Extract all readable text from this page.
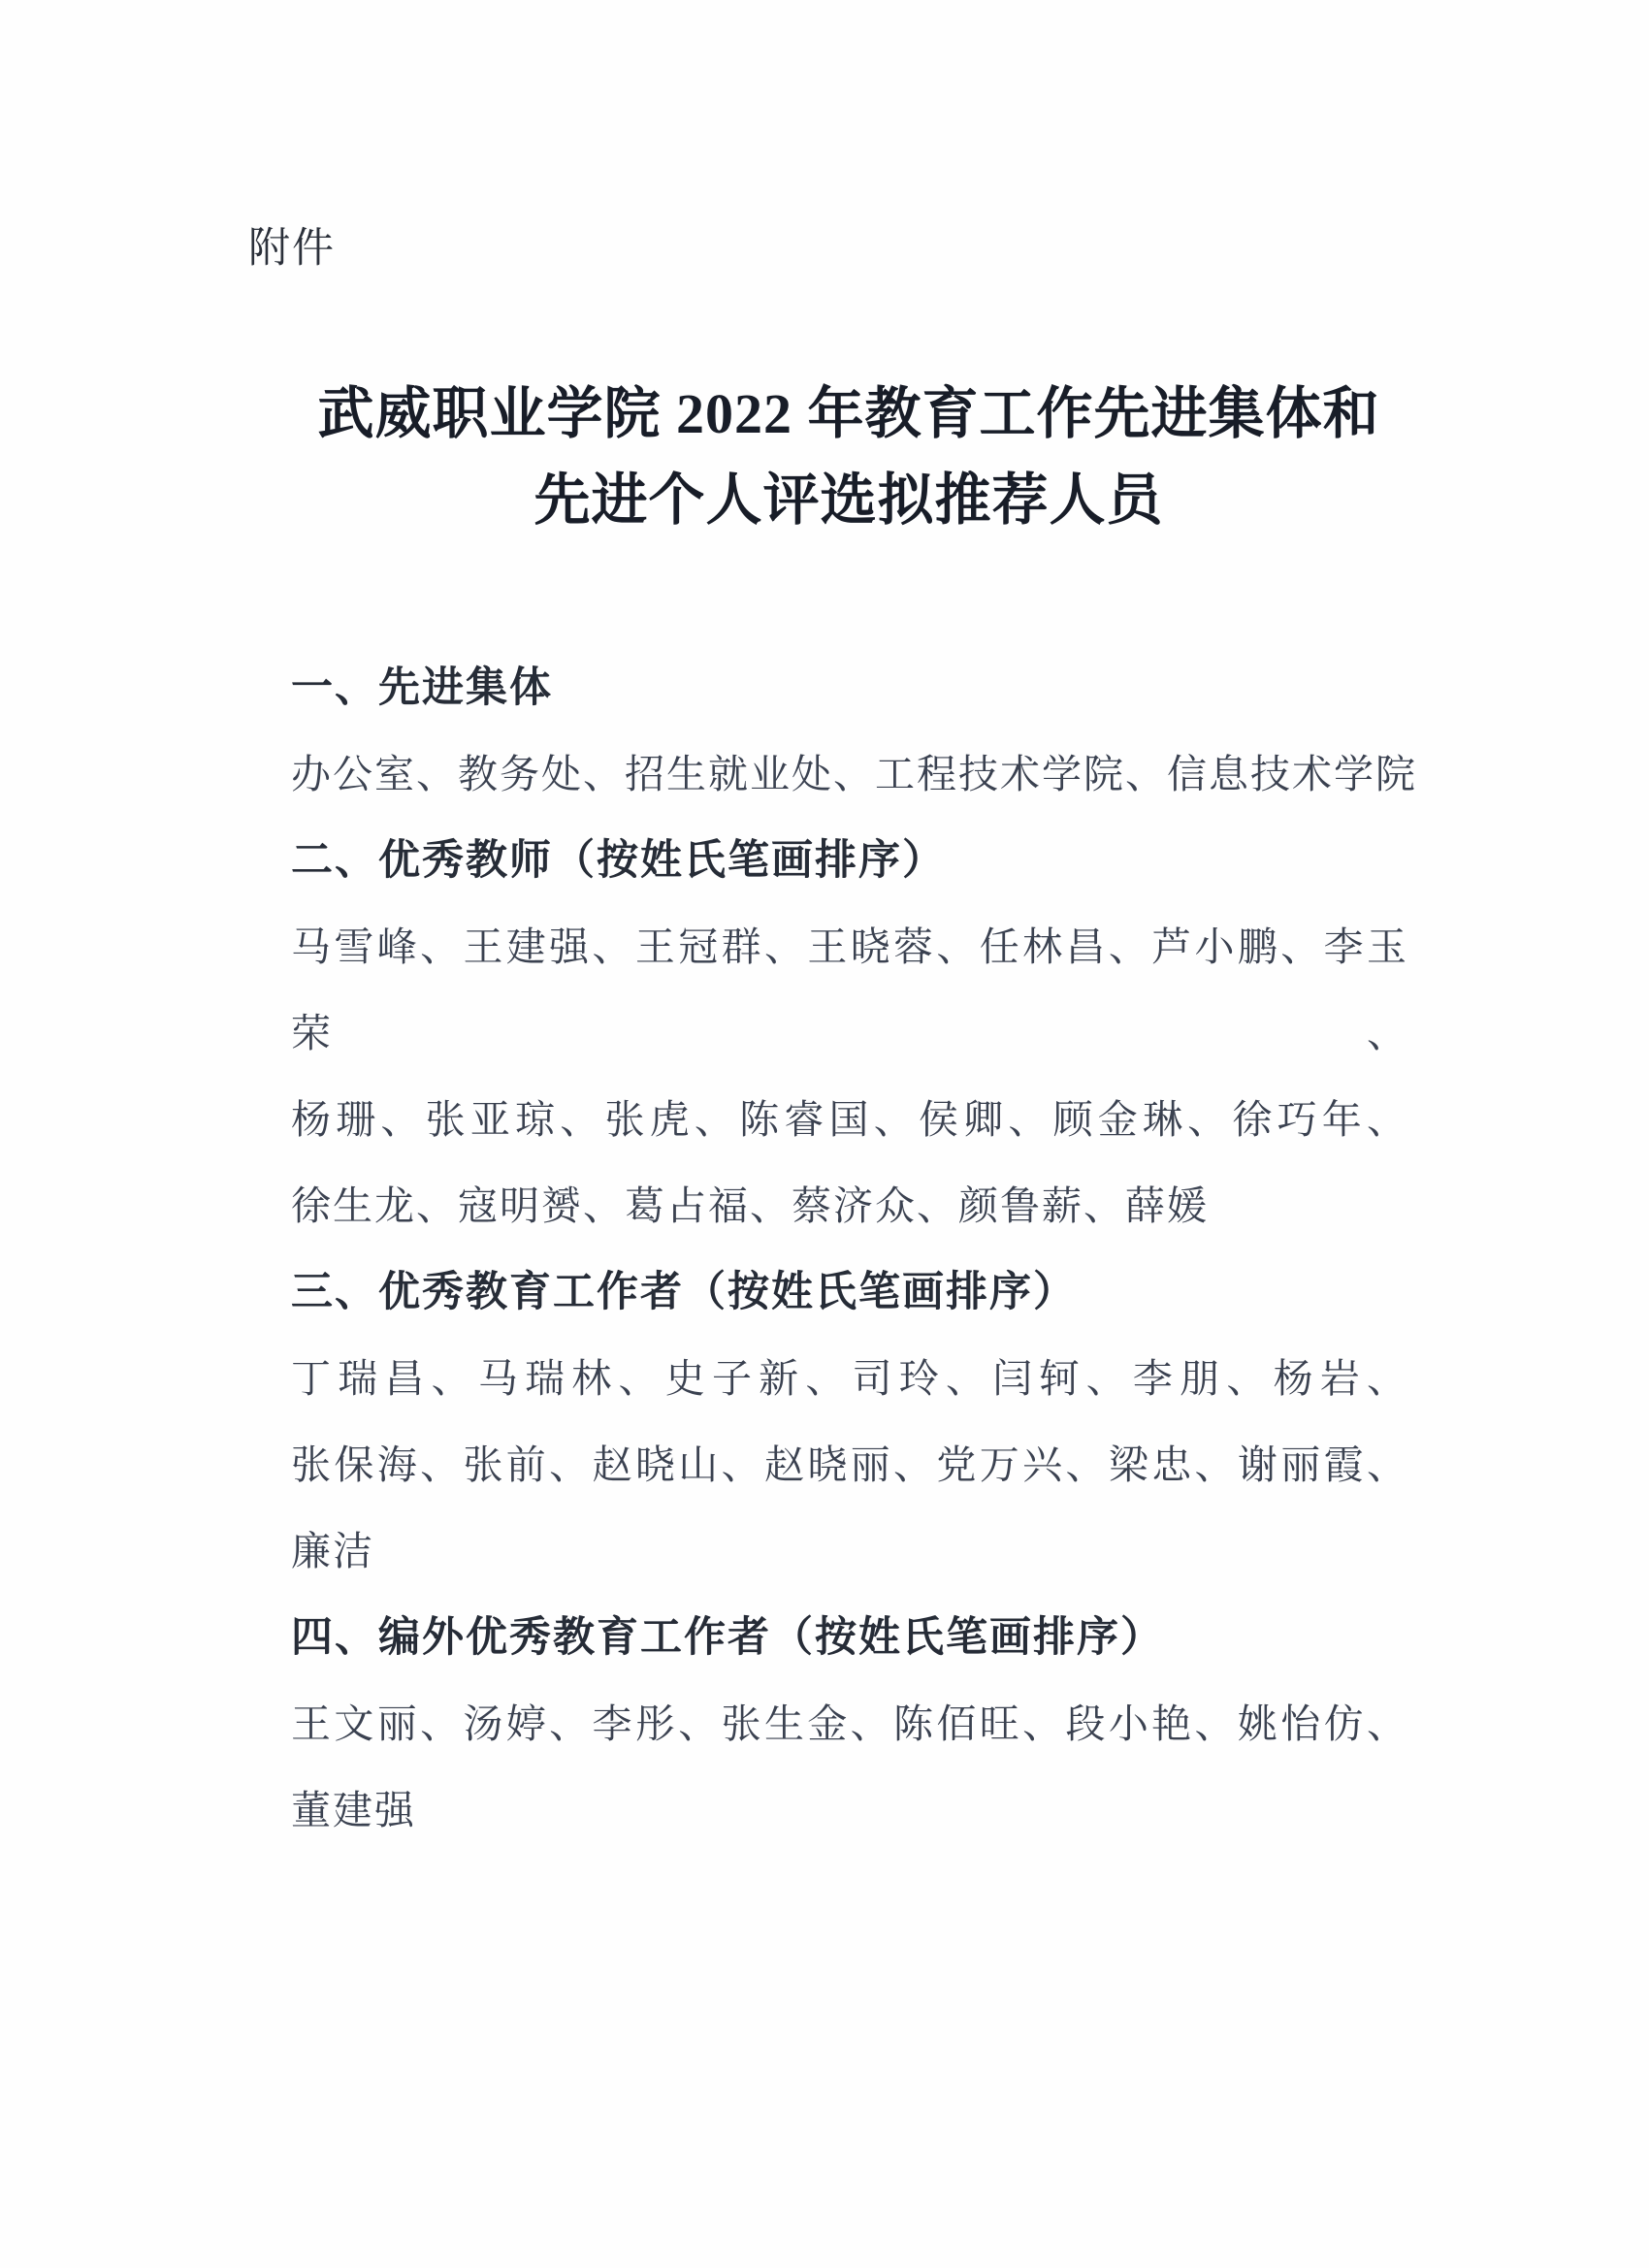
附件
武威职业学院 2022 年教育工作先进集体和
先进个人评选拟推荐人员
一、先进集体
办公室、教务处、招生就业处、工程技术学院、信息技术学院
二、优秀教师（按姓氏笔画排序）
马雪峰、王建强、王冠群、王晓蓉、任林昌、芦小鹏、李玉荣、
杨珊、张亚琼、张虎、陈睿国、侯卿、顾金琳、徐巧年、
徐生龙、寇明赟、葛占福、蔡济众、颜鲁薪、薛媛
三、优秀教育工作者（按姓氏笔画排序）
丁瑞昌、马瑞林、史子新、司玲、闫轲、李朋、杨岩、
张保海、张前、赵晓山、赵晓丽、党万兴、梁忠、谢丽霞、
廉洁
四、编外优秀教育工作者（按姓氏笔画排序）
王文丽、汤婷、李彤、张生金、陈佰旺、段小艳、姚怡仿、
董建强
